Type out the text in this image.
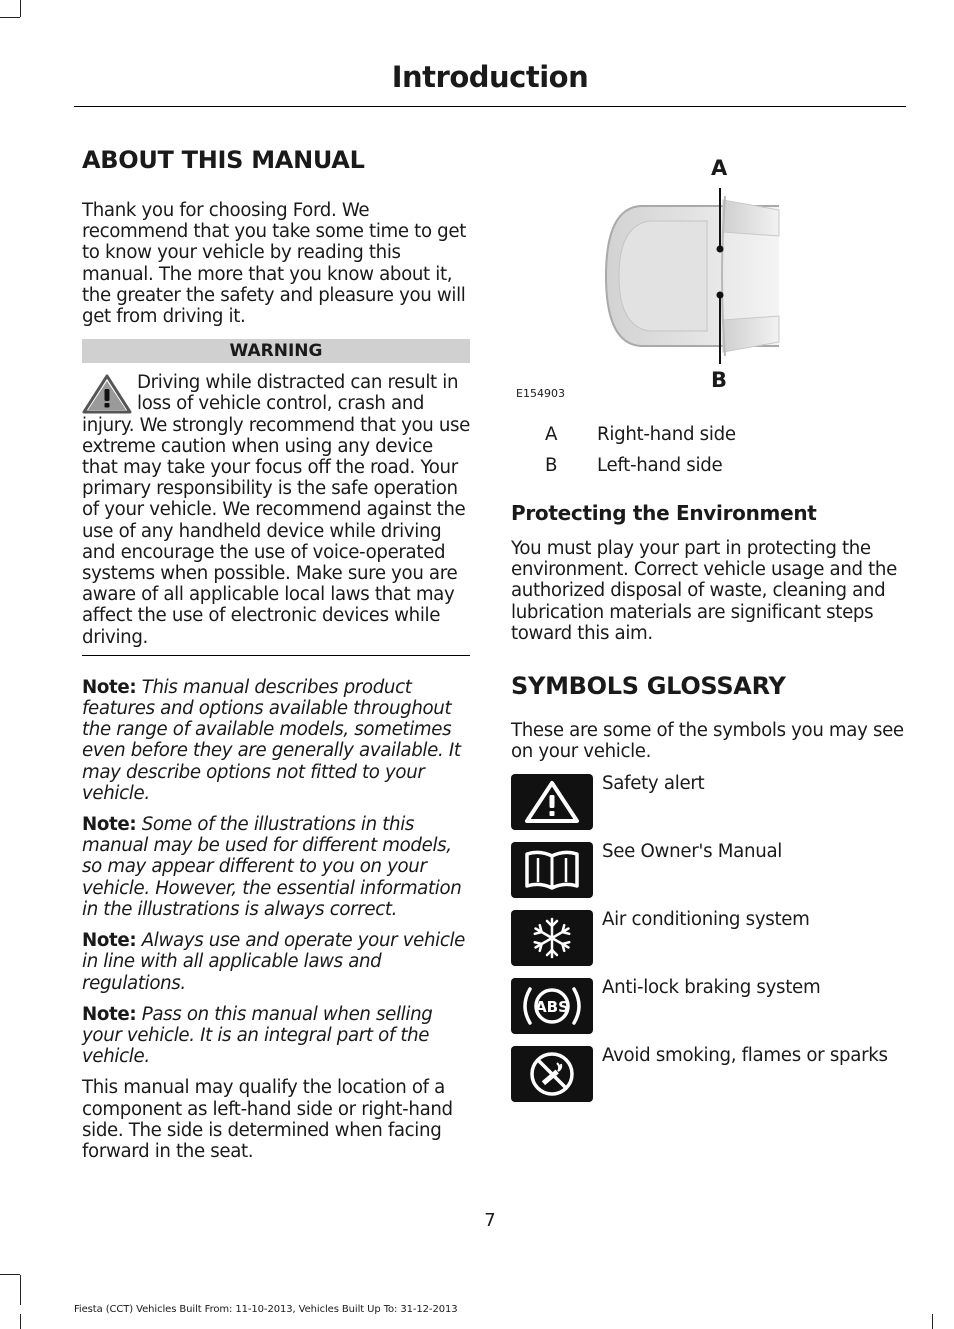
Introduction
ABOUT THIS MANUAL

Thank you for choosing Ford. We recommend that you take some time to get to know your vehicle by reading this manual. The more that you know about it, the greater the safety and pleasure you will get from driving it.

WARNING

Driving while distracted can result in loss of vehicle control, crash and injury. We strongly recommend that you use extreme caution when using any device that may take your focus off the road. Your primary responsibility is the safe operation of your vehicle. We recommend against the use of any handheld device while driving and encourage the use of voice-operated systems when possible. Make sure you are aware of all applicable local laws that may affect the use of electronic devices while driving.

Note: This manual describes product features and options available throughout the range of available models, sometimes even before they are generally available. It may describe options not fitted to your vehicle.

Note: Some of the illustrations in this manual may be used for different models, so may appear different to you on your vehicle. However, the essential information in the illustrations is always correct.

Note: Always use and operate your vehicle in line with all applicable laws and regulations.

Note: Pass on this manual when selling your vehicle. It is an integral part of the vehicle.

This manual may qualify the location of a component as left-hand side or right-hand side. The side is determined when facing forward in the seat.

A
B
E154903
A	Right-hand side
B	Left-hand side
Protecting the Environment

You must play your part in protecting the environment. Correct vehicle usage and the authorized disposal of waste, cleaning and lubrication materials are significant steps toward this aim.

SYMBOLS GLOSSARY

These are some of the symbols you may see on your vehicle.

Safety alert
See Owner's Manual
Air conditioning system
ABS
Anti-lock braking system
Avoid smoking, flames or sparks
7
Fiesta (CCT) Vehicles Built From: 11-10-2013, Vehicles Built Up To: 31-12-2013
